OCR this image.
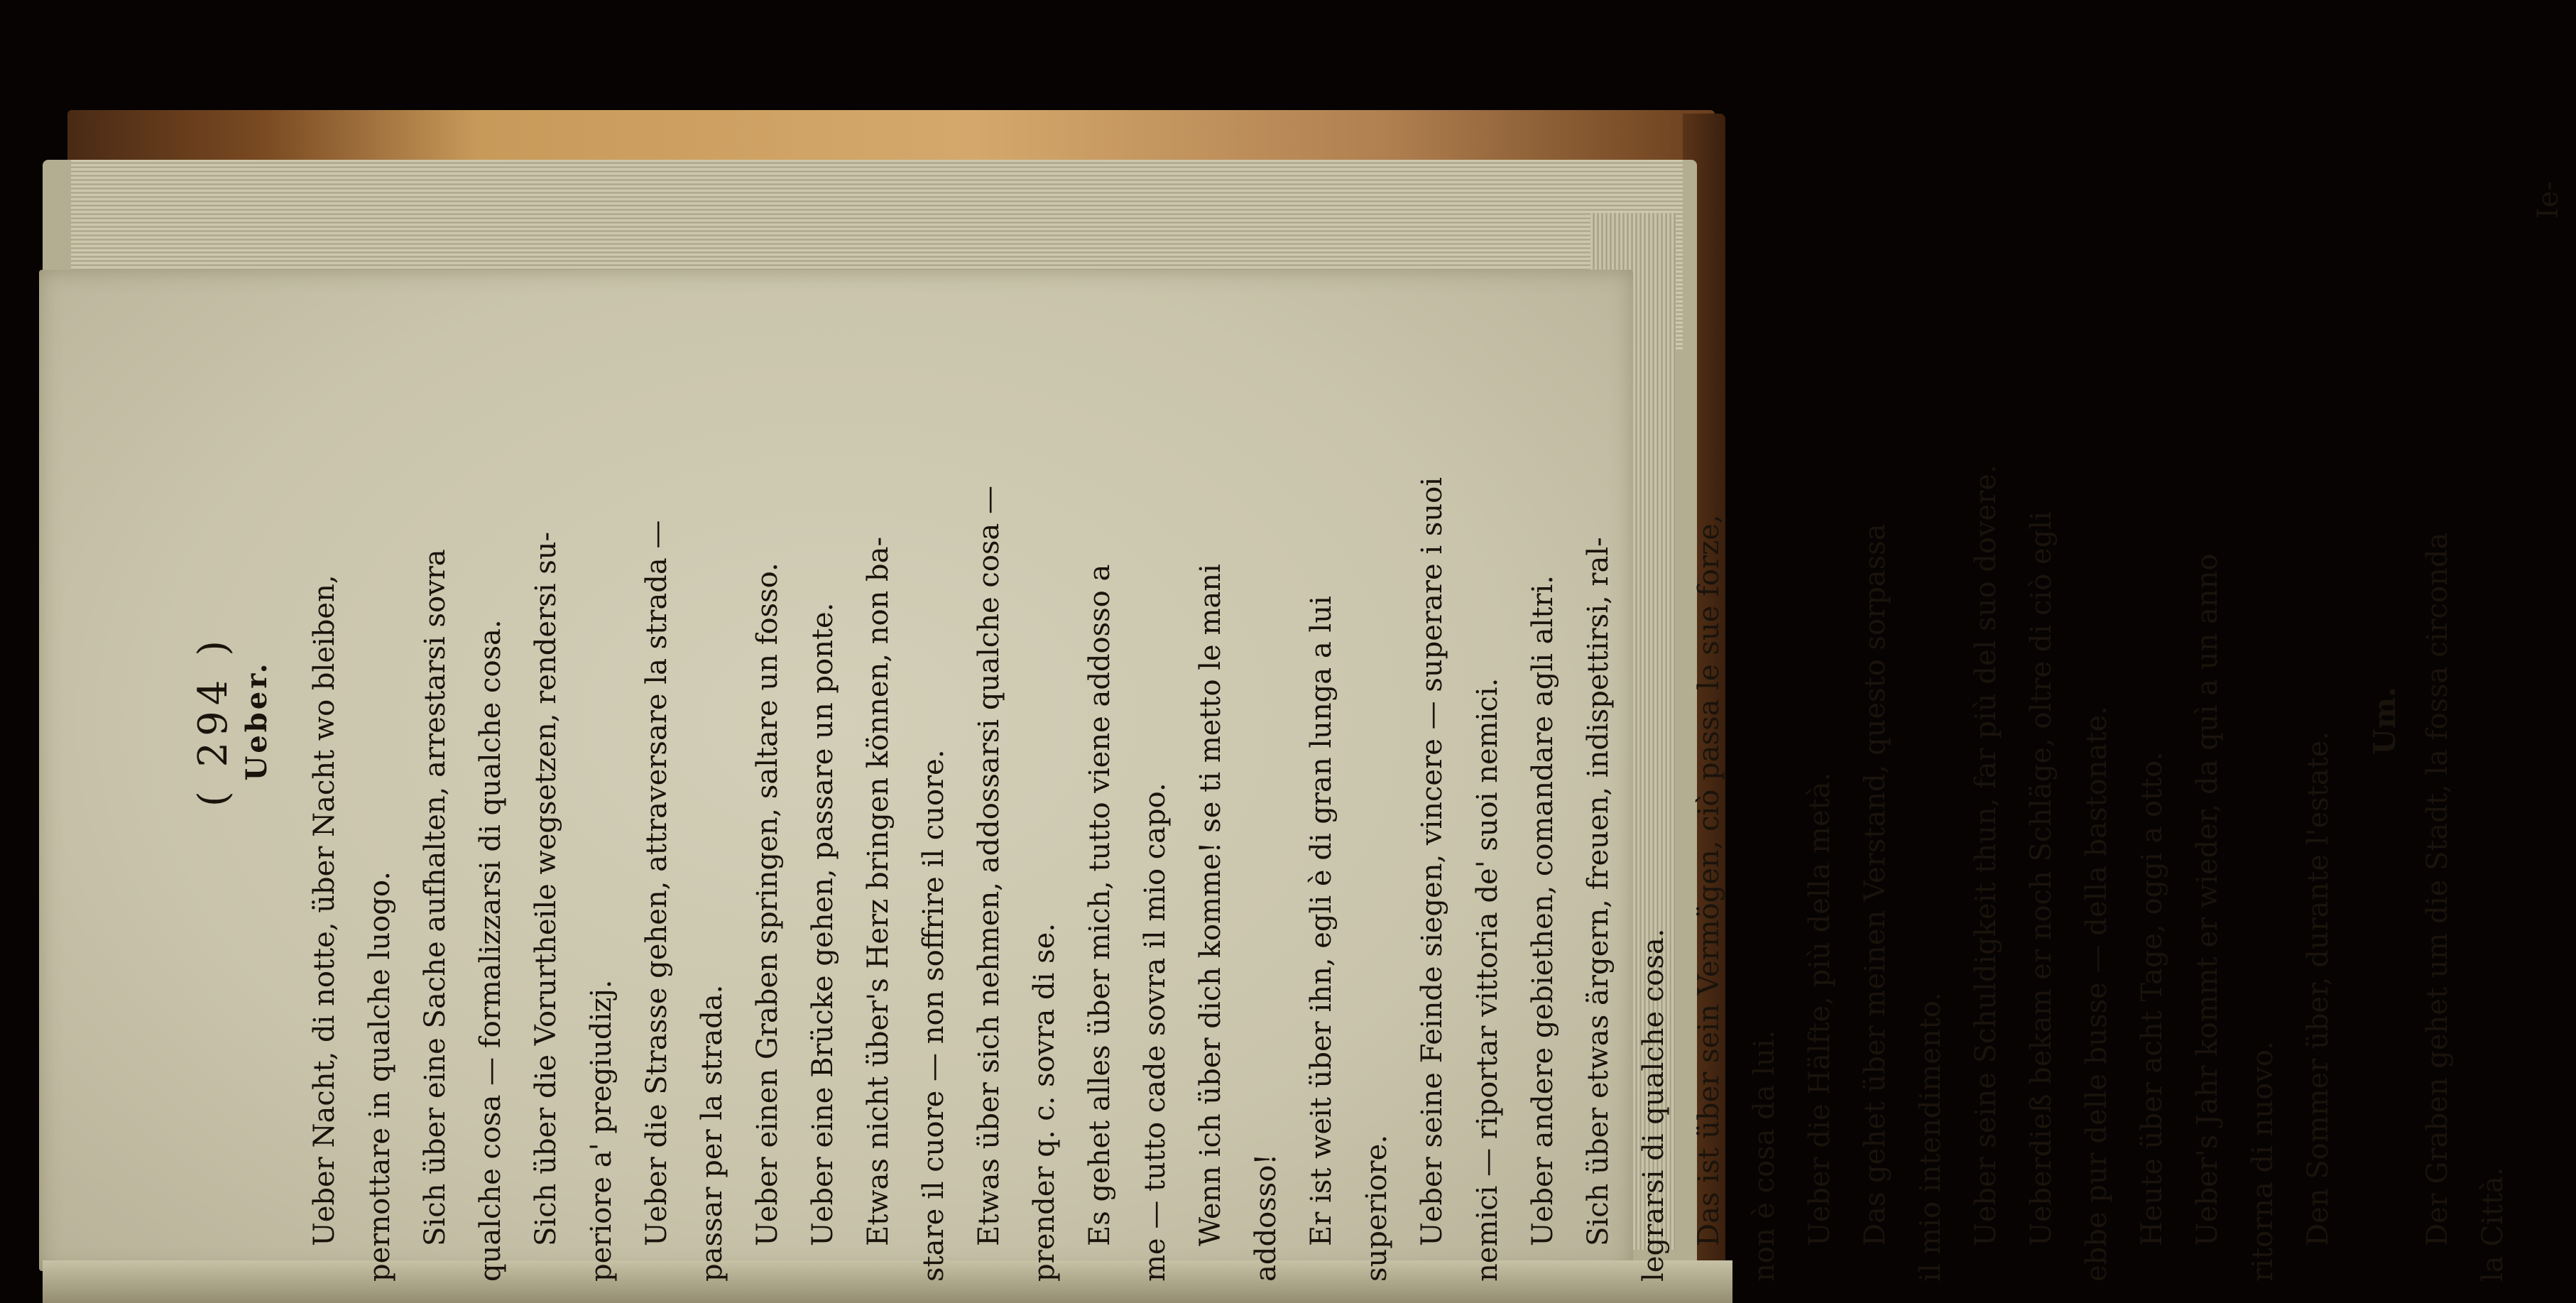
( 294 ) Ueber.	Ueber Nacht, di notte, über Nacht wo bleiben, pernottare in qualche luogo. Sich über eine Sache aufhalten, arrestarsi sovra qualche cosa — formalizzarsi di qualche cosa. Sich über die Vorurtheile wegsetzen, rendersi su- periore a' pregiudizj. Ueber die Strasse gehen, attraversare la strada — passar per la strada. Ueber einen Graben springen, saltare un fosso. Ueber eine Brücke gehen, passare un ponte. Etwas nicht über's Herz bringen können, non ba- stare il cuore — non soffrire il cuore. Etwas über sich nehmen, addossarsi qualche cosa — prender q. c. sovra di se. Es gehet alles über mich, tutto viene addosso a me — tutto cade sovra il mio capo. Wenn ich über dich komme! se ti metto le mani addosso! Er ist weit über ihn, egli è di gran lunga a lui superiore. Ueber seine Feinde siegen, vincere — superare i suoi nemici — riportar vittoria de' suoi nemici. Ueber andere gebiethen, comandare agli altri. Sich über etwas ärgern, freuen, indispettirsi, ral- legrarsi di qualche cosa. Das ist über sein Vermögen, ciò passa le sue forze, non è cosa da lui. Ueber die Hälfte, più della metà. Das gehet über meinen Verstand, questo sorpassa il mio intendimento. Ueber seine Schuldigkeit thun, far più del suo dovere. Ueberdieß bekam er noch Schläge, oltre di ciò egli ebbe pur delle busse — della bastonate. Heute über acht Tage, oggi a otto. Ueber's Jahr kommt er wieder, da quì a un anno ritorna di nuovo. Den Sommer über, durante l'estate.
Um. Der Graben gehet um die Stadt, la fossa circonda la Città.
Ie-
